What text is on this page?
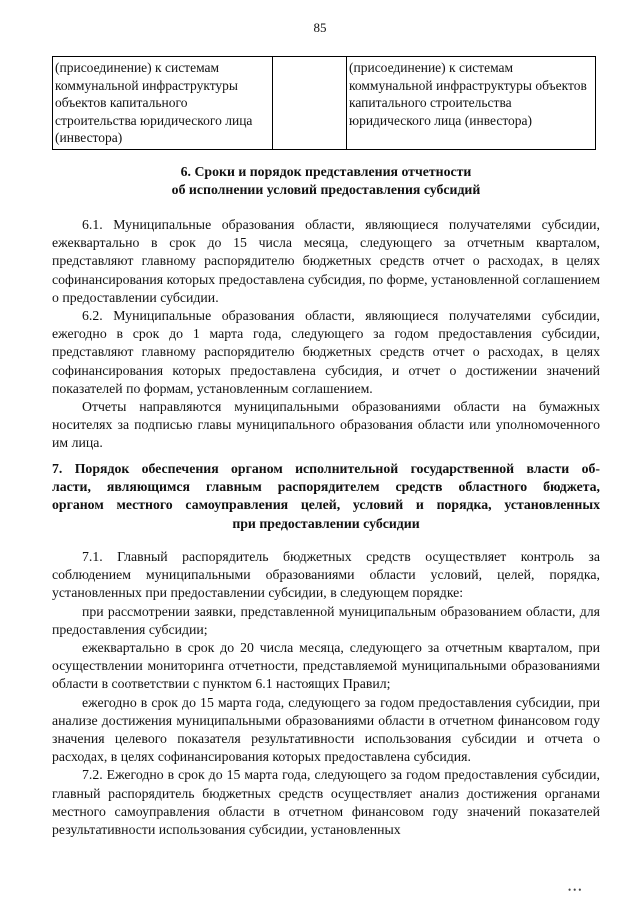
85
(присоединение) к системам коммунальной инфраструктуры объектов капитального строительства юридического лица (инвестора)		(присоединение) к системам коммунальной инфраструктуры объектов капитального строительства юридического лица (инвестора)
6. Сроки и порядок представления отчетности
об исполнении условий предоставления субсидий

6.1. Муниципальные образования области, являющиеся получателями субсидии, ежеквартально в срок до 15 числа месяца, следующего за отчетным кварталом, представляют главному распорядителю бюджетных средств отчет о расходах, в целях софинансирования которых предоставлена субсидия, по форме, установленной соглашением о предоставлении субсидии.

6.2. Муниципальные образования области, являющиеся получателями субсидии, ежегодно в срок до 1 марта года, следующего за годом предоставления субсидии, представляют главному распорядителю бюджетных средств отчет о расходах, в целях софинансирования которых предоставлена субсидия, и отчет о достижении значений показателей по формам, установленным соглашением.

Отчеты направляются муниципальными образованиями области на бумажных носителях за подписью главы муниципального образования области или уполномоченного им лица.

7. Порядок обеспечения органом исполнительной государственной власти об-
ласти, являющимся главным распорядителем средств областного бюджета,
органом местного самоуправления целей, условий и порядка, установленных
при предоставлении субсидии

7.1. Главный распорядитель бюджетных средств осуществляет контроль за соблюдением муниципальными образованиями области условий, целей, порядка, установленных при предоставлении субсидии, в следующем порядке:

при рассмотрении заявки, представленной муниципальным образованием области, для предоставления субсидии;

ежеквартально в срок до 20 числа месяца, следующего за отчетным кварталом, при осуществлении мониторинга отчетности, представляемой муниципальными образованиями области в соответствии с пунктом 6.1 настоящих Правил;

ежегодно в срок до 15 марта года, следующего за годом предоставления субсидии, при анализе достижения муниципальными образованиями области в отчетном финансовом году значения целевого показателя результативности использования субсидии и отчета о расходах, в целях софинансирования которых предоставлена субсидия.

7.2. Ежегодно в срок до 15 марта года, следующего за годом предоставления субсидии, главный распорядитель бюджетных средств осуществляет анализ достижения органами местного самоуправления области в отчетном финансовом году значений показателей результативности использования субсидии, установленных

•••
